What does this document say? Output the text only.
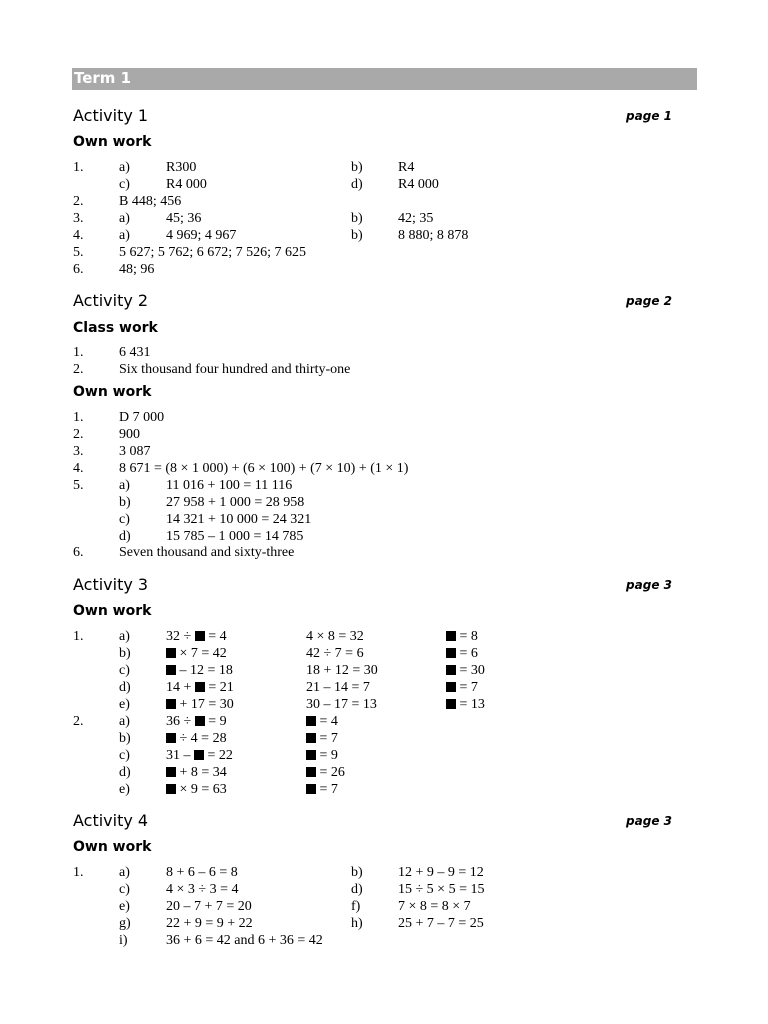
Term 1
Activity 1	page 1
Own work
1.	a)	R300	b)	R4
c)	R4 000	d)	R4 000
2.	B 448; 456
3.	a)	45; 36	b)	42; 35
4.	a)	4 969; 4 967	b)	8 880; 8 878
5.	5 627; 5 762; 6 672; 7 526; 7 625
6.	48; 96
Activity 2	page 2
Class work
1.	6 431
2.	Six thousand four hundred and thirty-one
Own work
1.	D 7 000
2.	900
3.	3 087
4.	8 671 = (8 × 1 000) + (6 × 100) + (7 × 10) + (1 × 1)
5.	a)	11 016 + 100 = 11 116
b)	27 958 + 1 000 = 28 958
c)	14 321 + 10 000 = 24 321
d)	15 785 – 1 000 = 14 785
6.	Seven thousand and sixty-three
Activity 3	page 3
Own work
1.	a)	32 ÷  = 4	4 × 8 = 32	= 8
b)	× 7 = 42	42 ÷ 7 = 6	= 6
c)	– 12 = 18	18 + 12 = 30	= 30
d)	14 +  = 21	21 – 14 = 7	= 7
e)	+ 17 = 30	30 – 17 = 13	= 13
2.	a)	36 ÷  = 9	= 4
b)	÷ 4 = 28	= 7
c)	31 –  = 22	= 9
d)	+ 8 = 34	= 26
e)	× 9 = 63	= 7
Activity 4	page 3
Own work
1.	a)	8 + 6 – 6 = 8	b)	12 + 9 – 9 = 12
c)	4 × 3 ÷ 3 = 4	d)	15 ÷ 5 × 5 = 15
e)	20 – 7 + 7 = 20	f)	7 × 8 = 8 × 7
g)	22 + 9 = 9 + 22	h)	25 + 7 – 7 = 25
i)	36 + 6 = 42 and 6 + 36 = 42
